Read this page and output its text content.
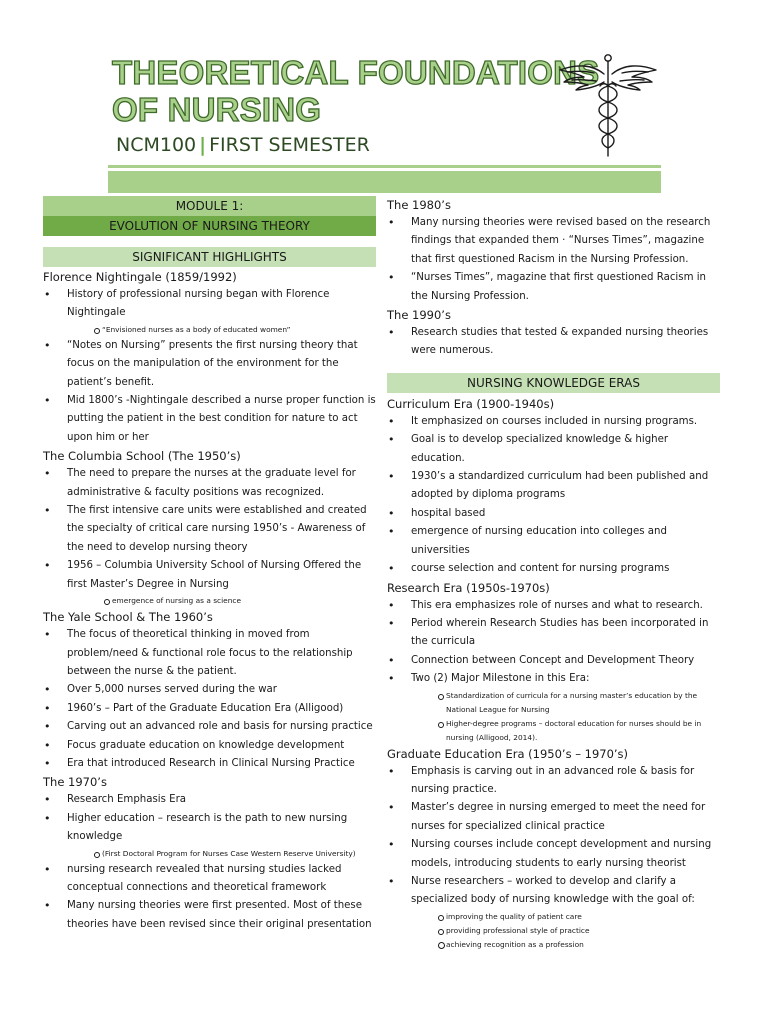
THEORETICAL FOUNDATIONS
OF NURSING
NCM100 | FIRST SEMESTER
MODULE 1:
EVOLUTION OF NURSING THEORY
SIGNIFICANT HIGHLIGHTS
Florence Nightingale (1859/1992)
• History of professional nursing began with Florence Nightingale
“Envisioned nurses as a body of educated women”
• “Notes on Nursing” presents the first nursing theory that focus on the manipulation of the environment for the patient’s benefit.
• Mid 1800’s -Nightingale described a nurse proper function is putting the patient in the best condition for nature to act upon him or her
The Columbia School (The 1950’s)
• The need to prepare the nurses at the graduate level for administrative & faculty positions was recognized.
• The first intensive care units were established and created the specialty of critical care nursing 1950’s - Awareness of the need to develop nursing theory
• 1956 – Columbia University School of Nursing Offered the first Master’s Degree in Nursing
emergence of nursing as a science
The Yale School & The 1960’s
• The focus of theoretical thinking in moved from problem/need & functional role focus to the relationship between the nurse & the patient.
• Over 5,000 nurses served during the war
• 1960’s – Part of the Graduate Education Era (Alligood)
• Carving out an advanced role and basis for nursing practice
• Focus graduate education on knowledge development
• Era that introduced Research in Clinical Nursing Practice
The 1970’s
• Research Emphasis Era
• Higher education – research is the path to new nursing knowledge
(First Doctoral Program for Nurses Case Western Reserve University)
• nursing research revealed that nursing studies lacked conceptual connections and theoretical framework
• Many nursing theories were first presented. Most of these theories have been revised since their original presentation
The 1980’s
• Many nursing theories were revised based on the research findings that expanded them · “Nurses Times”, magazine that first questioned Racism in the Nursing Profession.
• “Nurses Times”, magazine that first questioned Racism in the Nursing Profession.
The 1990’s
• Research studies that tested & expanded nursing theories were numerous.
NURSING KNOWLEDGE ERAS
Curriculum Era (1900-1940s)
• It emphasized on courses included in nursing programs.
• Goal is to develop specialized knowledge & higher education.
• 1930’s a standardized curriculum had been published and adopted by diploma programs
• hospital based
• emergence of nursing education into colleges and universities
• course selection and content for nursing programs
Research Era (1950s-1970s)
• This era emphasizes role of nurses and what to research.
• Period wherein Research Studies has been incorporated in the curricula
• Connection between Concept and Development Theory
• Two (2) Major Milestone in this Era:
Standardization of curricula for a nursing master’s education by the National League for Nursing
Higher-degree programs – doctoral education for nurses should be in nursing (Alligood, 2014).
Graduate Education Era (1950’s – 1970’s)
• Emphasis is carving out in an advanced role & basis for nursing practice.
• Master’s degree in nursing emerged to meet the need for nurses for specialized clinical practice
• Nursing courses include concept development and nursing models, introducing students to early nursing theorist
• Nurse researchers – worked to develop and clarify a specialized body of nursing knowledge with the goal of:
improving the quality of patient care
providing professional style of practice
achieving recognition as a profession
